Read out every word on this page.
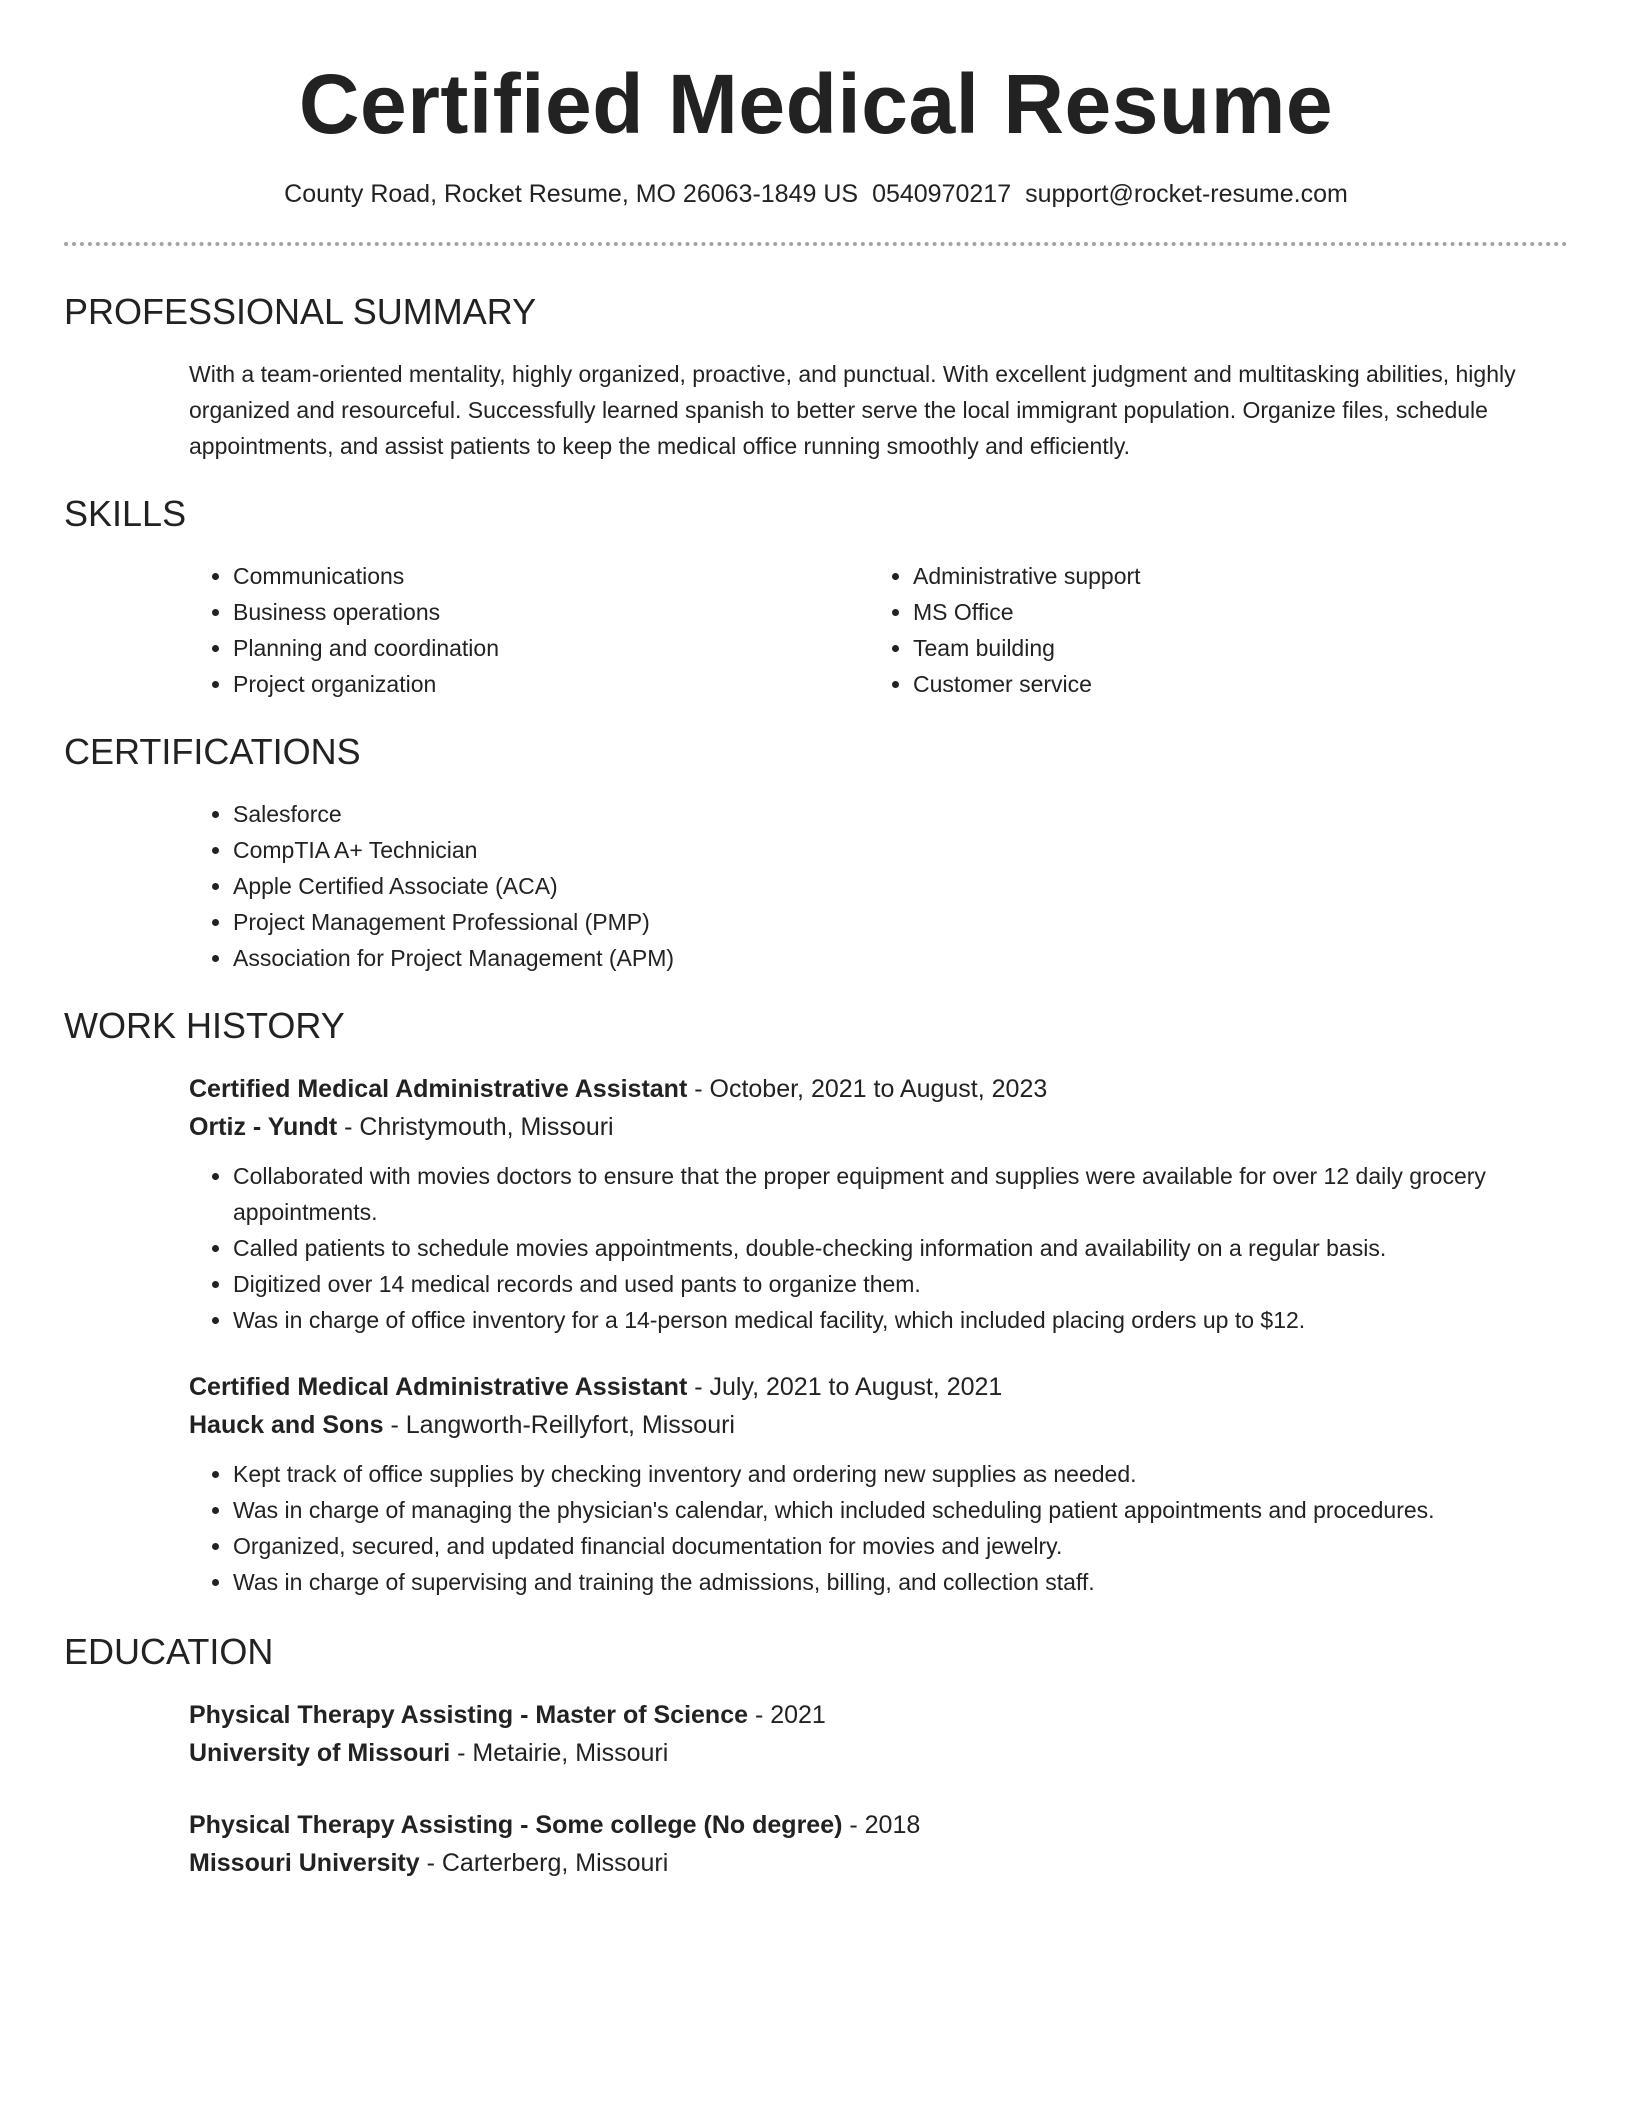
Certified Medical Resume
County Road, Rocket Resume, MO 26063-1849 US 0540970217 support@rocket-resume.com
PROFESSIONAL SUMMARY

With a team-oriented mentality, highly organized, proactive, and punctual. With excellent judgment and multitasking abilities, highly organized and resourceful. Successfully learned spanish to better serve the local immigrant population. Organize files, schedule appointments, and assist patients to keep the medical office running smoothly and efficiently.

SKILLS
• Communications
• Business operations
• Planning and coordination
• Project organization
• Administrative support
• MS Office
• Team building
• Customer service
CERTIFICATIONS
• Salesforce
• CompTIA A+ Technician
• Apple Certified Associate (ACA)
• Project Management Professional (PMP)
• Association for Project Management (APM)
WORK HISTORY
Certified Medical Administrative Assistant - October, 2021 to August, 2023
Ortiz - Yundt - Christymouth, Missouri
• Collaborated with movies doctors to ensure that the proper equipment and supplies were available for over 12 daily grocery appointments.
• Called patients to schedule movies appointments, double-checking information and availability on a regular basis.
• Digitized over 14 medical records and used pants to organize them.
• Was in charge of office inventory for a 14-person medical facility, which included placing orders up to $12.
Certified Medical Administrative Assistant - July, 2021 to August, 2021
Hauck and Sons - Langworth-Reillyfort, Missouri
• Kept track of office supplies by checking inventory and ordering new supplies as needed.
• Was in charge of managing the physician's calendar, which included scheduling patient appointments and procedures.
• Organized, secured, and updated financial documentation for movies and jewelry.
• Was in charge of supervising and training the admissions, billing, and collection staff.
EDUCATION
Physical Therapy Assisting - Master of Science - 2021
University of Missouri - Metairie, Missouri
Physical Therapy Assisting - Some college (No degree) - 2018
Missouri University - Carterberg, Missouri
